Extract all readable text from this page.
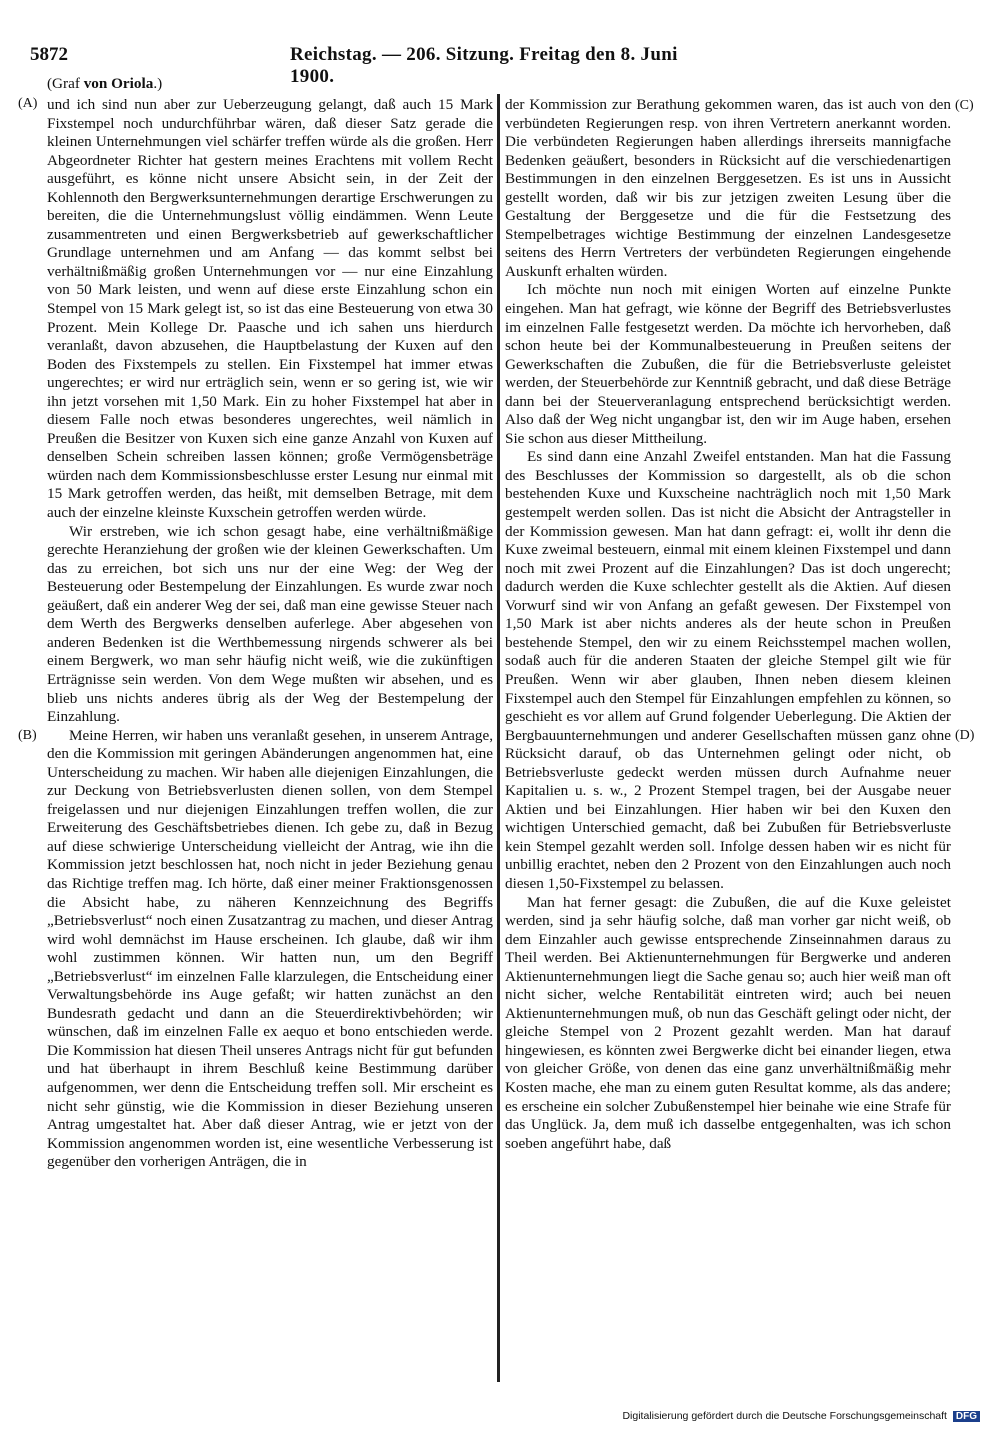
5872	Reichstag. — 206. Sitzung. Freitag den 8. Juni 1900.
(Graf von Oriola.)
(A)
(B)
(C)
(D)

und ich sind nun aber zur Ueberzeugung gelangt, daß auch 15 Mark Fixstempel noch undurchführbar wären, daß dieser Satz gerade die kleinen Unternehmungen viel schärfer treffen würde als die großen. Herr Abgeordneter Richter hat gestern meines Erachtens mit vollem Recht ausgeführt, es könne nicht unsere Absicht sein, in der Zeit der Kohlennoth den Bergwerksunternehmungen derartige Erschwerungen zu bereiten, die die Unternehmungslust völlig eindämmen. Wenn Leute zusammentreten und einen Bergwerksbetrieb auf gewerkschaftlicher Grundlage unternehmen und am Anfang — das kommt selbst bei verhältnißmäßig großen Unternehmungen vor — nur eine Einzahlung von 50 Mark leisten, und wenn auf diese erste Einzahlung schon ein Stempel von 15 Mark gelegt ist, so ist das eine Besteuerung von etwa 30 Prozent. Mein Kollege Dr. Paasche und ich sahen uns hierdurch veranlaßt, davon abzusehen, die Hauptbelastung der Kuxen auf den Boden des Fixstempels zu stellen. Ein Fixstempel hat immer etwas ungerechtes; er wird nur erträglich sein, wenn er so gering ist, wie wir ihn jetzt vorsehen mit 1,50 Mark. Ein zu hoher Fixstempel hat aber in diesem Falle noch etwas besonderes ungerechtes, weil nämlich in Preußen die Besitzer von Kuxen sich eine ganze Anzahl von Kuxen auf denselben Schein schreiben lassen können; große Vermögensbeträge würden nach dem Kommissionsbeschlusse erster Lesung nur einmal mit 15 Mark getroffen werden, das heißt, mit demselben Betrage, mit dem auch der einzelne kleinste Kuxschein getroffen werden würde.

Wir erstreben, wie ich schon gesagt habe, eine verhältnißmäßige gerechte Heranziehung der großen wie der kleinen Gewerkschaften. Um das zu erreichen, bot sich uns nur der eine Weg: der Weg der Besteuerung oder Bestempelung der Einzahlungen. Es wurde zwar noch geäußert, daß ein anderer Weg der sei, daß man eine gewisse Steuer nach dem Werth des Bergwerks denselben auferlege. Aber abgesehen von anderen Bedenken ist die Werthbemessung nirgends schwerer als bei einem Bergwerk, wo man sehr häufig nicht weiß, wie die zukünftigen Erträgnisse sein werden. Von dem Wege mußten wir absehen, und es blieb uns nichts anderes übrig als der Weg der Bestempelung der Einzahlung.

Meine Herren, wir haben uns veranlaßt gesehen, in unserem Antrage, den die Kommission mit geringen Abänderungen angenommen hat, eine Unterscheidung zu machen. Wir haben alle diejenigen Einzahlungen, die zur Deckung von Betriebsverlusten dienen sollen, von dem Stempel freigelassen und nur diejenigen Einzahlungen treffen wollen, die zur Erweiterung des Geschäftsbetriebes dienen. Ich gebe zu, daß in Bezug auf diese schwierige Unterscheidung vielleicht der Antrag, wie ihn die Kommission jetzt beschlossen hat, noch nicht in jeder Beziehung genau das Richtige treffen mag. Ich hörte, daß einer meiner Fraktionsgenossen die Absicht habe, zu näheren Kennzeichnung des Begriffs „Betriebsverlust“ noch einen Zusatzantrag zu machen, und dieser Antrag wird wohl demnächst im Hause erscheinen. Ich glaube, daß wir ihm wohl zustimmen können. Wir hatten nun, um den Begriff „Betriebsverlust“ im einzelnen Falle klarzulegen, die Entscheidung einer Verwaltungsbehörde ins Auge gefaßt; wir hatten zunächst an den Bundesrath gedacht und dann an die Steuerdirektivbehörden; wir wünschen, daß im einzelnen Falle ex aequo et bono entschieden werde. Die Kommission hat diesen Theil unseres Antrags nicht für gut befunden und hat überhaupt in ihrem Beschluß keine Bestimmung darüber aufgenommen, wer denn die Entscheidung treffen soll. Mir erscheint es nicht sehr günstig, wie die Kommission in dieser Beziehung unseren Antrag umgestaltet hat. Aber daß dieser Antrag, wie er jetzt von der Kommission angenommen worden ist, eine wesentliche Verbesserung ist gegenüber den vorherigen Anträgen, die in

der Kommission zur Berathung gekommen waren, das ist auch von den verbündeten Regierungen resp. von ihren Vertretern anerkannt worden. Die verbündeten Regierungen haben allerdings ihrerseits mannigfache Bedenken geäußert, besonders in Rücksicht auf die verschiedenartigen Bestimmungen in den einzelnen Berggesetzen. Es ist uns in Aussicht gestellt worden, daß wir bis zur jetzigen zweiten Lesung über die Gestaltung der Berggesetze und die für die Festsetzung des Stempelbetrages wichtige Bestimmung der einzelnen Landesgesetze seitens des Herrn Vertreters der verbündeten Regierungen eingehende Auskunft erhalten würden.

Ich möchte nun noch mit einigen Worten auf einzelne Punkte eingehen. Man hat gefragt, wie könne der Begriff des Betriebsverlustes im einzelnen Falle festgesetzt werden. Da möchte ich hervorheben, daß schon heute bei der Kommunalbesteuerung in Preußen seitens der Gewerkschaften die Zubußen, die für die Betriebsverluste geleistet werden, der Steuerbehörde zur Kenntniß gebracht, und daß diese Beträge dann bei der Steuerveranlagung entsprechend berücksichtigt werden. Also daß der Weg nicht ungangbar ist, den wir im Auge haben, ersehen Sie schon aus dieser Mittheilung.

Es sind dann eine Anzahl Zweifel entstanden. Man hat die Fassung des Beschlusses der Kommission so dargestellt, als ob die schon bestehenden Kuxe und Kuxscheine nachträglich noch mit 1,50 Mark gestempelt werden sollen. Das ist nicht die Absicht der Antragsteller in der Kommission gewesen. Man hat dann gefragt: ei, wollt ihr denn die Kuxe zweimal besteuern, einmal mit einem kleinen Fixstempel und dann noch mit zwei Prozent auf die Einzahlungen? Das ist doch ungerecht; dadurch werden die Kuxe schlechter gestellt als die Aktien. Auf diesen Vorwurf sind wir von Anfang an gefaßt gewesen. Der Fixstempel von 1,50 Mark ist aber nichts anderes als der heute schon in Preußen bestehende Stempel, den wir zu einem Reichsstempel machen wollen, sodaß auch für die anderen Staaten der gleiche Stempel gilt wie für Preußen. Wenn wir aber glauben, Ihnen neben diesem kleinen Fixstempel auch den Stempel für Einzahlungen empfehlen zu können, so geschieht es vor allem auf Grund folgender Ueberlegung. Die Aktien der Bergbauunternehmungen und anderer Gesellschaften müssen ganz ohne Rücksicht darauf, ob das Unternehmen gelingt oder nicht, ob Betriebsverluste gedeckt werden müssen durch Aufnahme neuer Kapitalien u. s. w., 2 Prozent Stempel tragen, bei der Ausgabe neuer Aktien und bei Einzahlungen. Hier haben wir bei den Kuxen den wichtigen Unterschied gemacht, daß bei Zubußen für Betriebsverluste kein Stempel gezahlt werden soll. Infolge dessen haben wir es nicht für unbillig erachtet, neben den 2 Prozent von den Einzahlungen auch noch diesen 1,50-Fixstempel zu belassen.

Man hat ferner gesagt: die Zubußen, die auf die Kuxe geleistet werden, sind ja sehr häufig solche, daß man vorher gar nicht weiß, ob dem Einzahler auch gewisse entsprechende Zinseinnahmen daraus zu Theil werden. Bei Aktienunternehmungen für Bergwerke und anderen Aktienunternehmungen liegt die Sache genau so; auch hier weiß man oft nicht sicher, welche Rentabilität eintreten wird; auch bei neuen Aktienunternehmungen muß, ob nun das Geschäft gelingt oder nicht, der gleiche Stempel von 2 Prozent gezahlt werden. Man hat darauf hingewiesen, es könnten zwei Bergwerke dicht bei einander liegen, etwa von gleicher Größe, von denen das eine ganz unverhältnißmäßig mehr Kosten mache, ehe man zu einem guten Resultat komme, als das andere; es erscheine ein solcher Zubußenstempel hier beinahe wie eine Strafe für das Unglück. Ja, dem muß ich dasselbe entgegenhalten, was ich schon soeben angeführt habe, daß

Digitalisierung gefördert durch die Deutsche Forschungsgemeinschaft DFG
